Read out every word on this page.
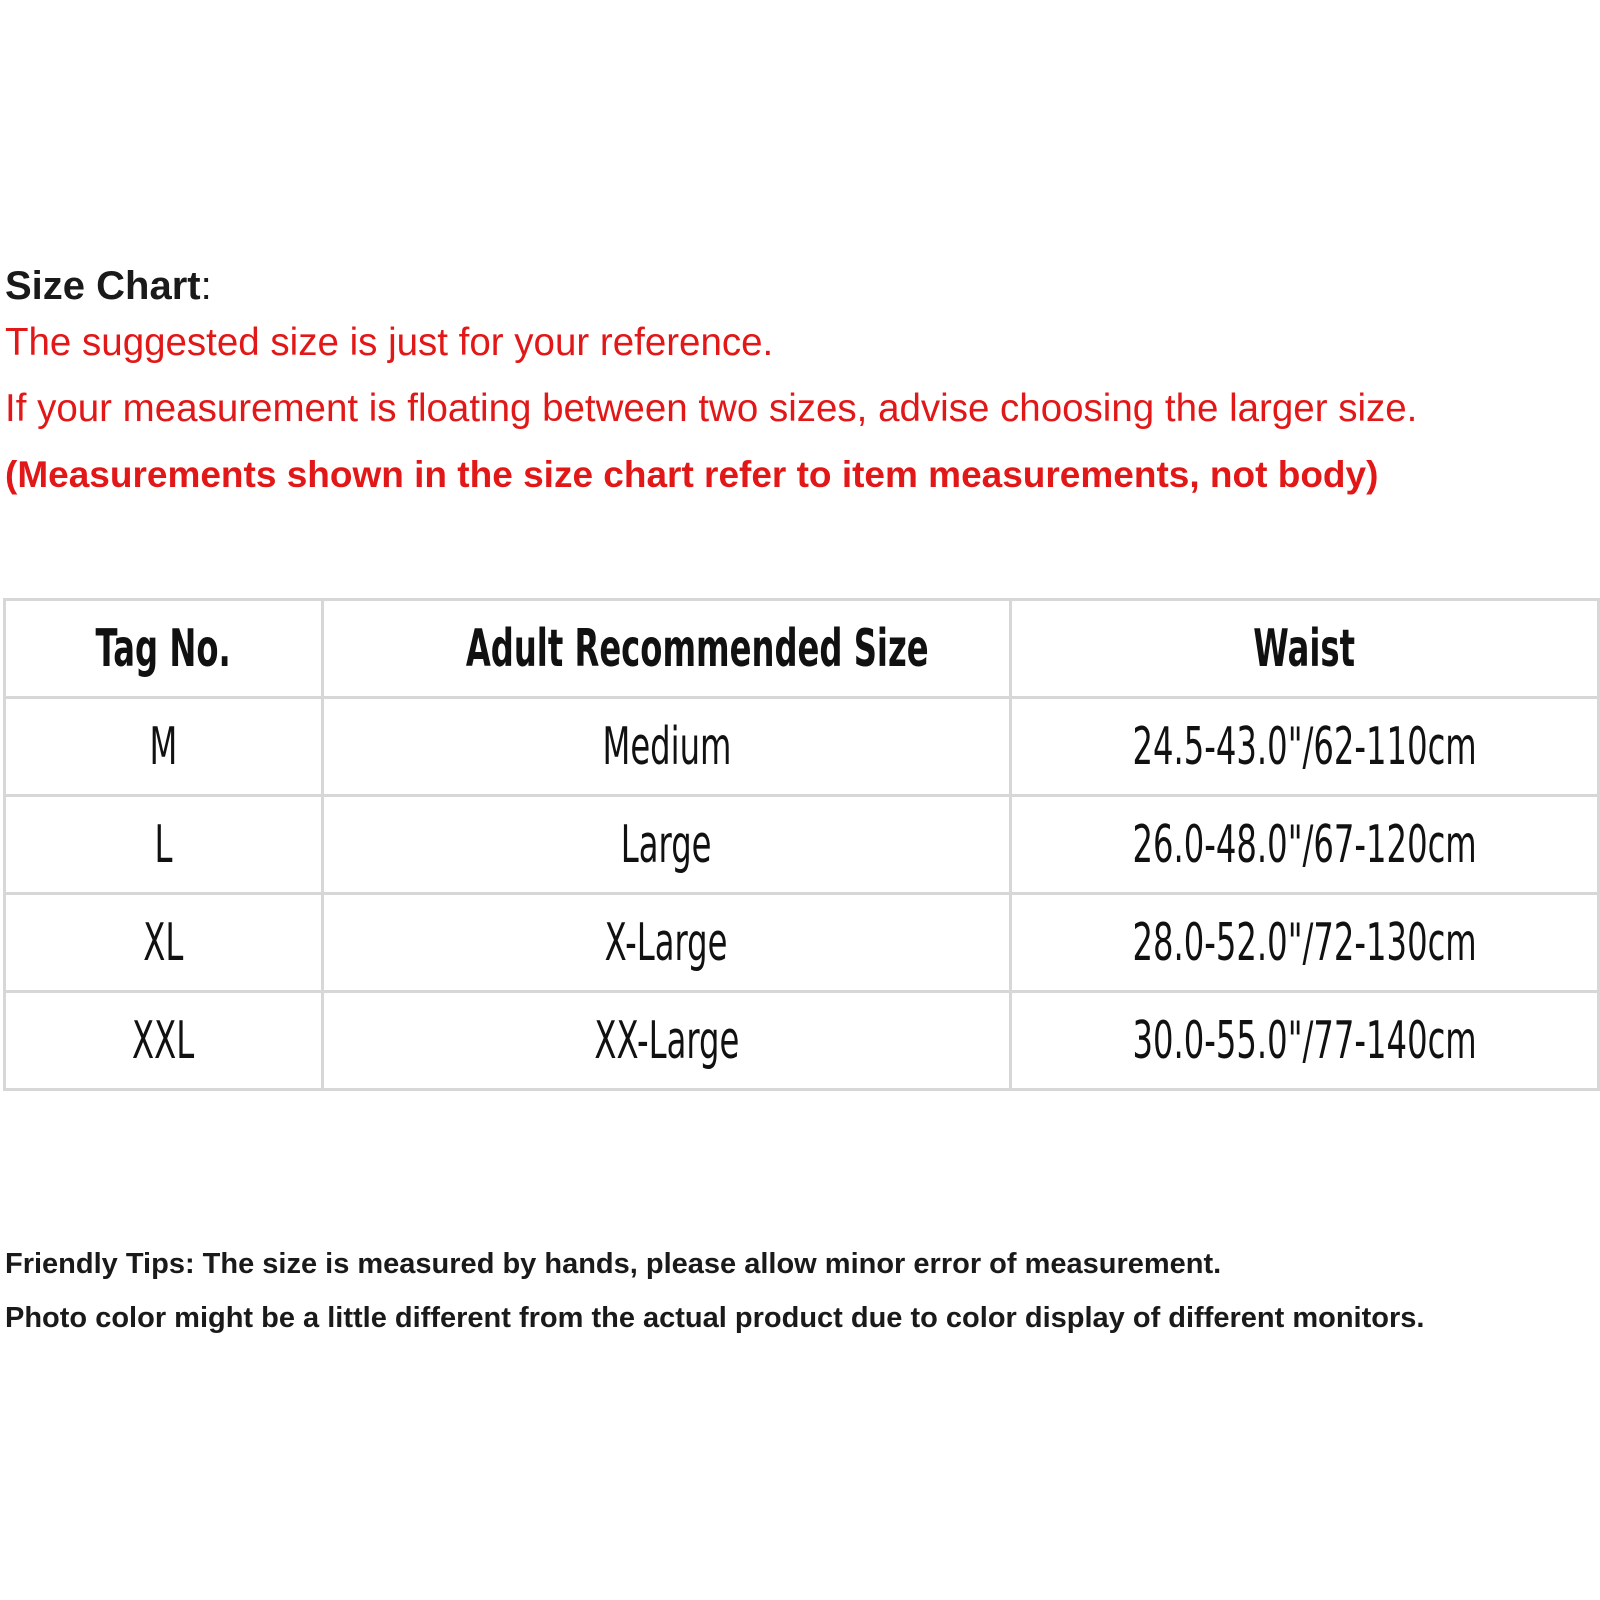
Size Chart:
The suggested size is just for your reference.
If your measurement is floating between two sizes, advise choosing the larger size.
(Measurements shown in the size chart refer to item measurements, not body)
Tag No.	Adult Recommended Size	Waist
M	Medium	24.5-43.0"/62-110cm
L	Large	26.0-48.0"/67-120cm
XL	X-Large	28.0-52.0"/72-130cm
XXL	XX-Large	30.0-55.0"/77-140cm
Friendly Tips: The size is measured by hands, please allow minor error of measurement.
Photo color might be a little different from the actual product due to color display of different monitors.
